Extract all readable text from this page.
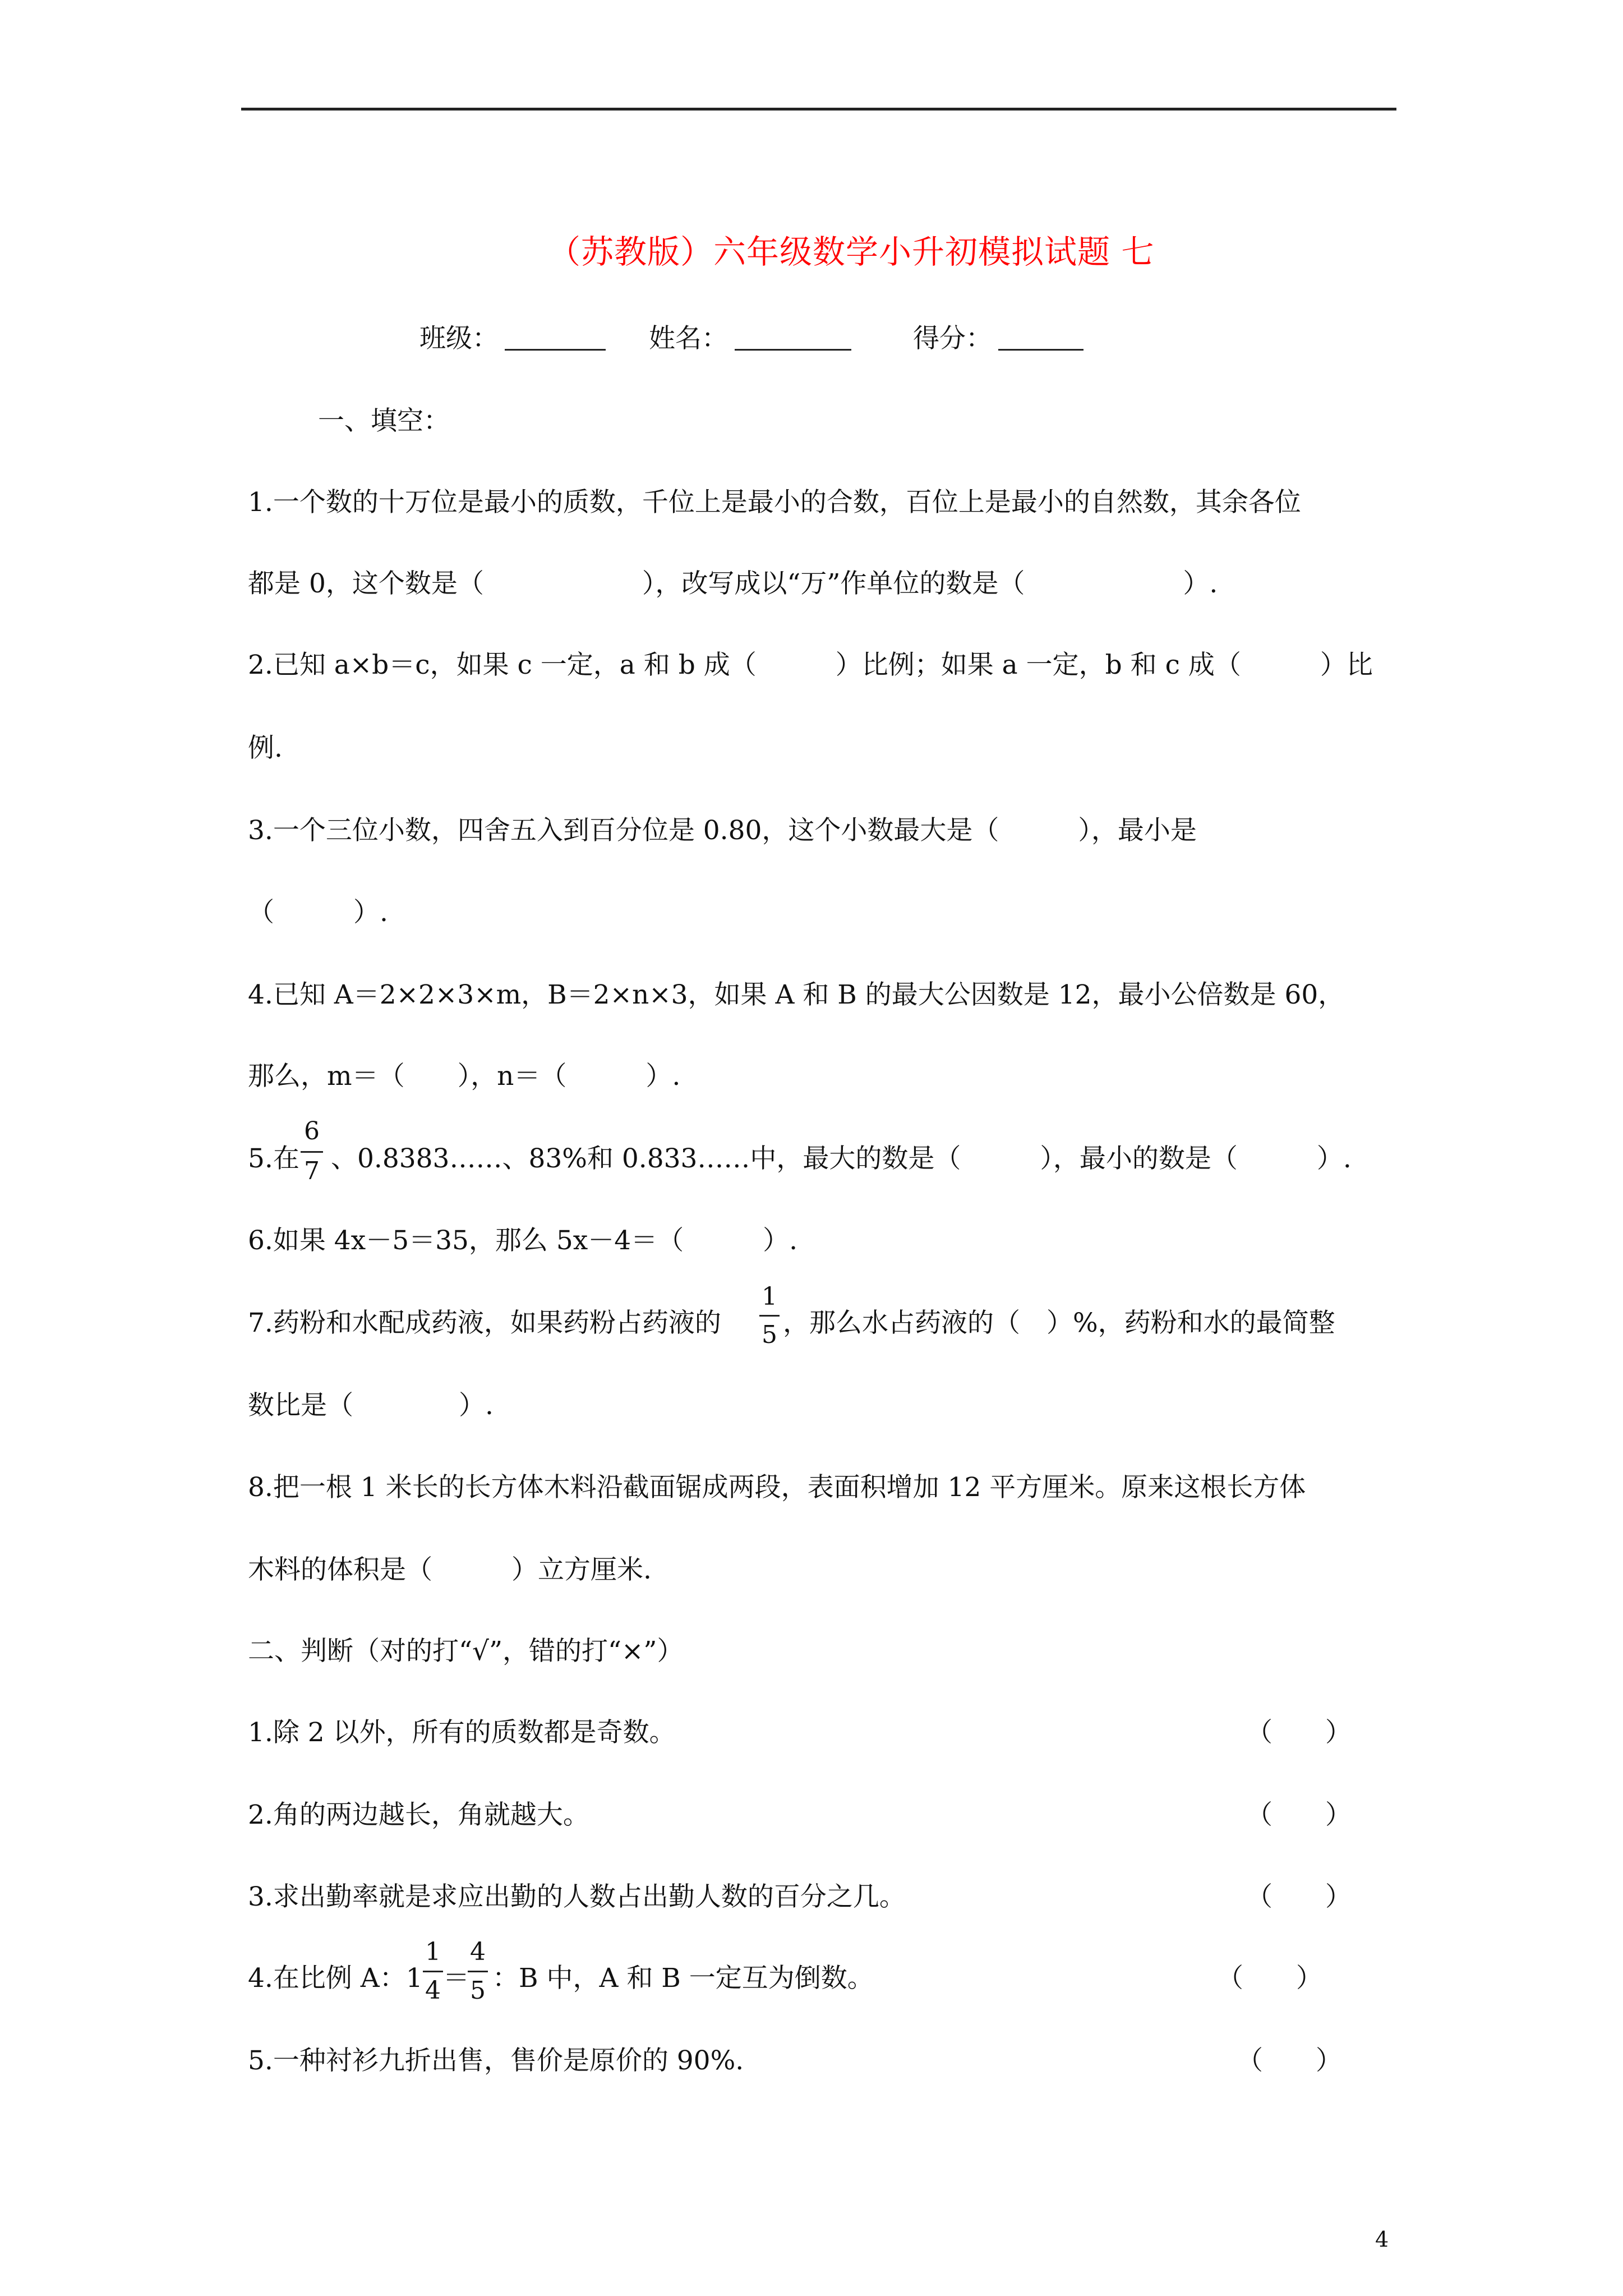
（苏教版）六年级数学小升初模拟试题 七
班级：	姓名：	得分：
一、填空：
1.一个数的十万位是最小的质数，千位上是最小的合数，百位上是最小的自然数，其余各位
都是 0，这个数是（　　　　　　），改写成以“万”作单位的数是（　　　　　　）.
2.已知 a×b＝c，如果 c 一定，a 和 b 成（　　　）比例；如果 a 一定，b 和 c 成（　　　）比
例.
3.一个三位小数，四舍五入到百分位是 0.80，这个小数最大是（　　　），最小是
（　　　）.
4.已知 A＝2×2×3×m，B＝2×n×3，如果 A 和 B 的最大公因数是 12，最小公倍数是 60，
那么，m＝（　　），n＝（　　　）.
5.在
6
7 、0.8383……、83%和 0.833……中，最大的数是（　　　），最小的数是（　　　）.
6.如果 4x－5＝35，那么 5x－4＝（　　　）.
7.药粉和水配成药液，如果药粉占药液的
1
5 ，那么水占药液的（　）%，药粉和水的最简整
数比是（　　　　）.
8.把一根 1 米长的长方体木料沿截面锯成两段，表面积增加 12 平方厘米。原来这根长方体
木料的体积是（　　　）立方厘米.
二、判断（对的打“√”，错的打“×”）
1.除 2 以外，所有的质数都是奇数。	（　　）
2.角的两边越长，角就越大。	（　　）
3.求出勤率就是求应出勤的人数占出勤人数的百分之几。	（　　）
4.在比例 A：1
1
4 ＝
4
5 ：B 中，A 和 B 一定互为倒数。	（　　）
5.一种衬衫九折出售，售价是原价的 90%.	（　　）
4
